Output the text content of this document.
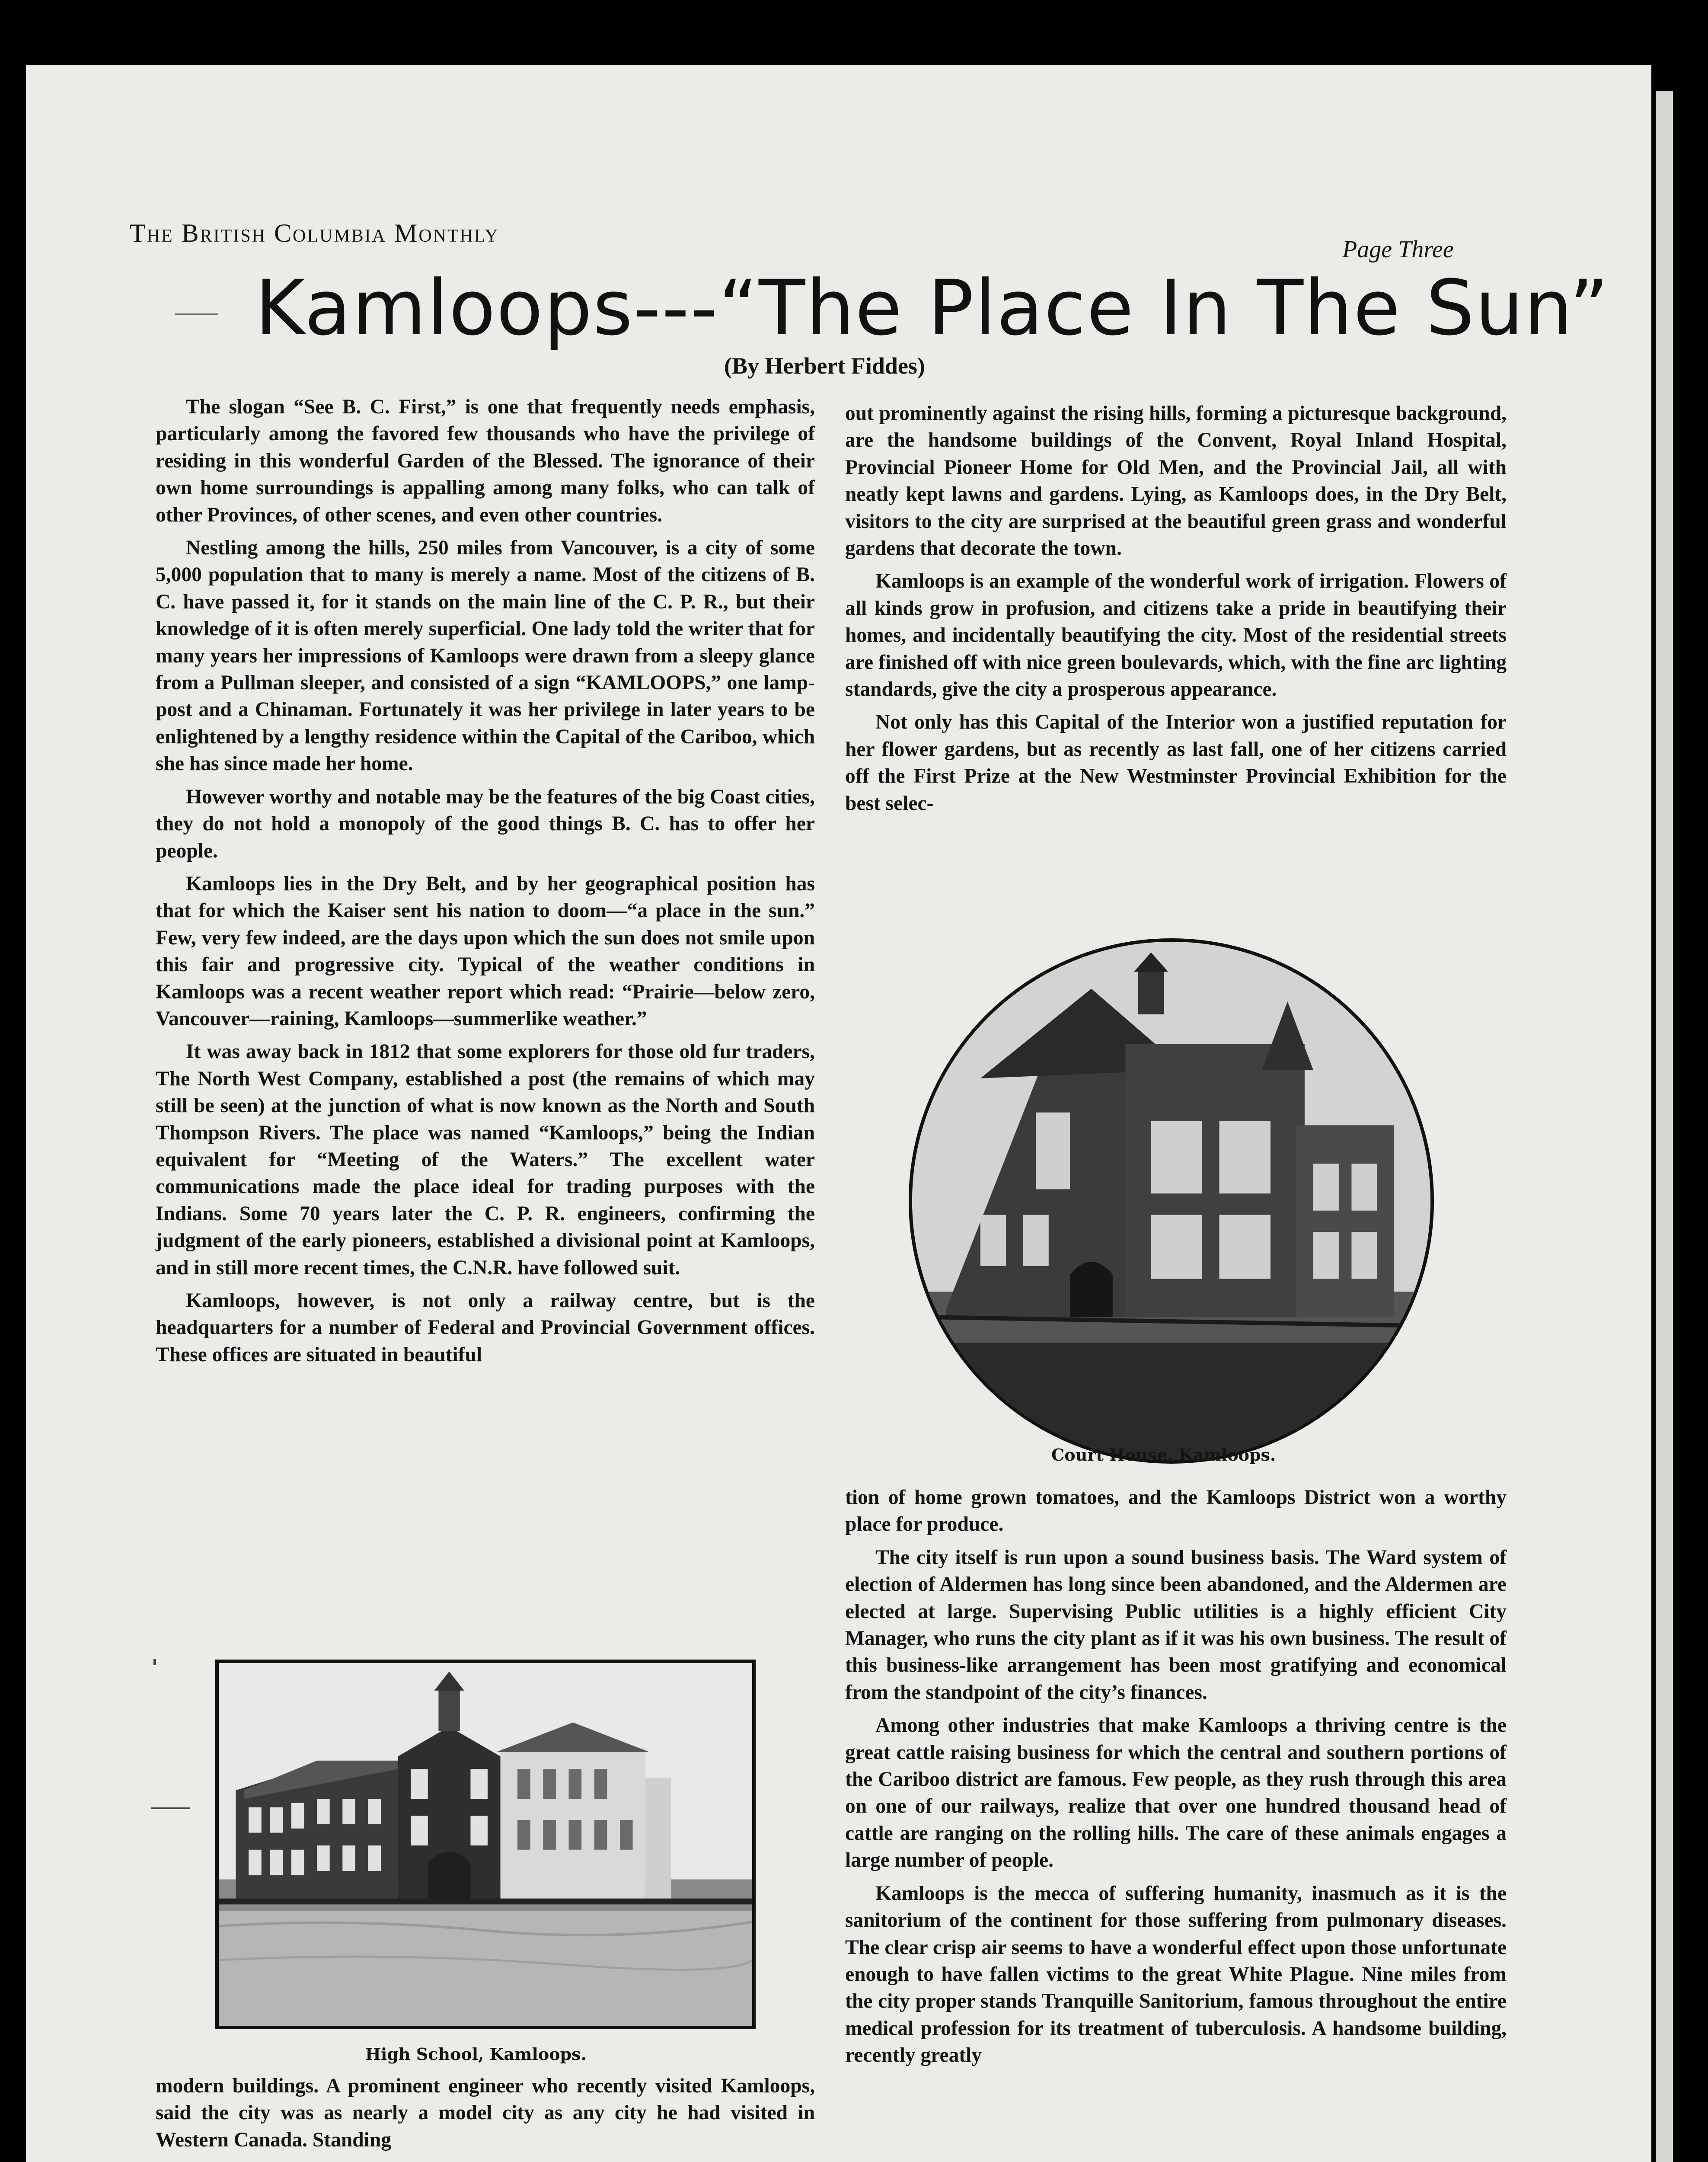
The British Columbia Monthly
Page Three
Kamloops---“The Place In The Sun”
(By Herbert Fiddes)

The slogan “See B. C. First,” is one that frequently needs emphasis, particularly among the favored few thousands who have the privilege of residing in this wonderful Garden of the Blessed. The ignorance of their own home surroundings is appalling among many folks, who can talk of other Provinces, of other scenes, and even other countries.

Nestling among the hills, 250 miles from Vancouver, is a city of some 5,000 population that to many is merely a name. Most of the citizens of B. C. have passed it, for it stands on the main line of the C. P. R., but their knowledge of it is often merely superficial. One lady told the writer that for many years her impressions of Kamloops were drawn from a sleepy glance from a Pullman sleeper, and consisted of a sign “KAMLOOPS,” one lamp-post and a Chinaman. Fortunately it was her privilege in later years to be enlightened by a lengthy residence within the Capital of the Cariboo, which she has since made her home.

However worthy and notable may be the features of the big Coast cities, they do not hold a monopoly of the good things B. C. has to offer her people.

Kamloops lies in the Dry Belt, and by her geographical position has that for which the Kaiser sent his nation to doom—“a place in the sun.” Few, very few indeed, are the days upon which the sun does not smile upon this fair and progressive city. Typical of the weather conditions in Kamloops was a recent weather report which read: “Prairie—below zero, Vancouver—raining, Kamloops—summerlike weather.”

It was away back in 1812 that some explorers for those old fur traders, The North West Company, established a post (the remains of which may still be seen) at the junction of what is now known as the North and South Thompson Rivers. The place was named “Kamloops,” being the Indian equivalent for “Meeting of the Waters.” The excellent water communications made the place ideal for trading purposes with the Indians. Some 70 years later the C. P. R. engineers, confirming the judgment of the early pioneers, established a divisional point at Kamloops, and in still more recent times, the C.N.R. have followed suit.

Kamloops, however, is not only a railway centre, but is the headquarters for a number of Federal and Provincial Government offices. These offices are situated in beautiful

High School, Kamloops.

modern buildings. A prominent engineer who recently visited Kamloops, said the city was as nearly a model city as any city he had visited in Western Canada. Standing

out prominently against the rising hills, forming a picturesque background, are the handsome buildings of the Convent, Royal Inland Hospital, Provincial Pioneer Home for Old Men, and the Provincial Jail, all with neatly kept lawns and gardens. Lying, as Kamloops does, in the Dry Belt, visitors to the city are surprised at the beautiful green grass and wonderful gardens that decorate the town.

Kamloops is an example of the wonderful work of irrigation. Flowers of all kinds grow in profusion, and citizens take a pride in beautifying their homes, and incidentally beautifying the city. Most of the residential streets are finished off with nice green boulevards, which, with the fine arc lighting standards, give the city a prosperous appearance.

Not only has this Capital of the Interior won a justified reputation for her flower gardens, but as recently as last fall, one of her citizens carried off the First Prize at the New Westminster Provincial Exhibition for the best selec-

Court House, Kamloops.

tion of home grown tomatoes, and the Kamloops District won a worthy place for produce.

The city itself is run upon a sound business basis. The Ward system of election of Aldermen has long since been abandoned, and the Aldermen are elected at large. Supervising Public utilities is a highly efficient City Manager, who runs the city plant as if it was his own business. The result of this business-like arrangement has been most gratifying and economical from the standpoint of the city’s finances.

Among other industries that make Kamloops a thriving centre is the great cattle raising business for which the central and southern portions of the Cariboo district are famous. Few people, as they rush through this area on one of our railways, realize that over one hundred thousand head of cattle are ranging on the rolling hills. The care of these animals engages a large number of people.

Kamloops is the mecca of suffering humanity, inasmuch as it is the sanitorium of the continent for those suffering from pulmonary diseases. The clear crisp air seems to have a wonderful effect upon those unfortunate enough to have fallen victims to the great White Plague. Nine miles from the city proper stands Tranquille Sanitorium, famous throughout the entire medical profession for its treatment of tuberculosis. A handsome building, recently greatly
